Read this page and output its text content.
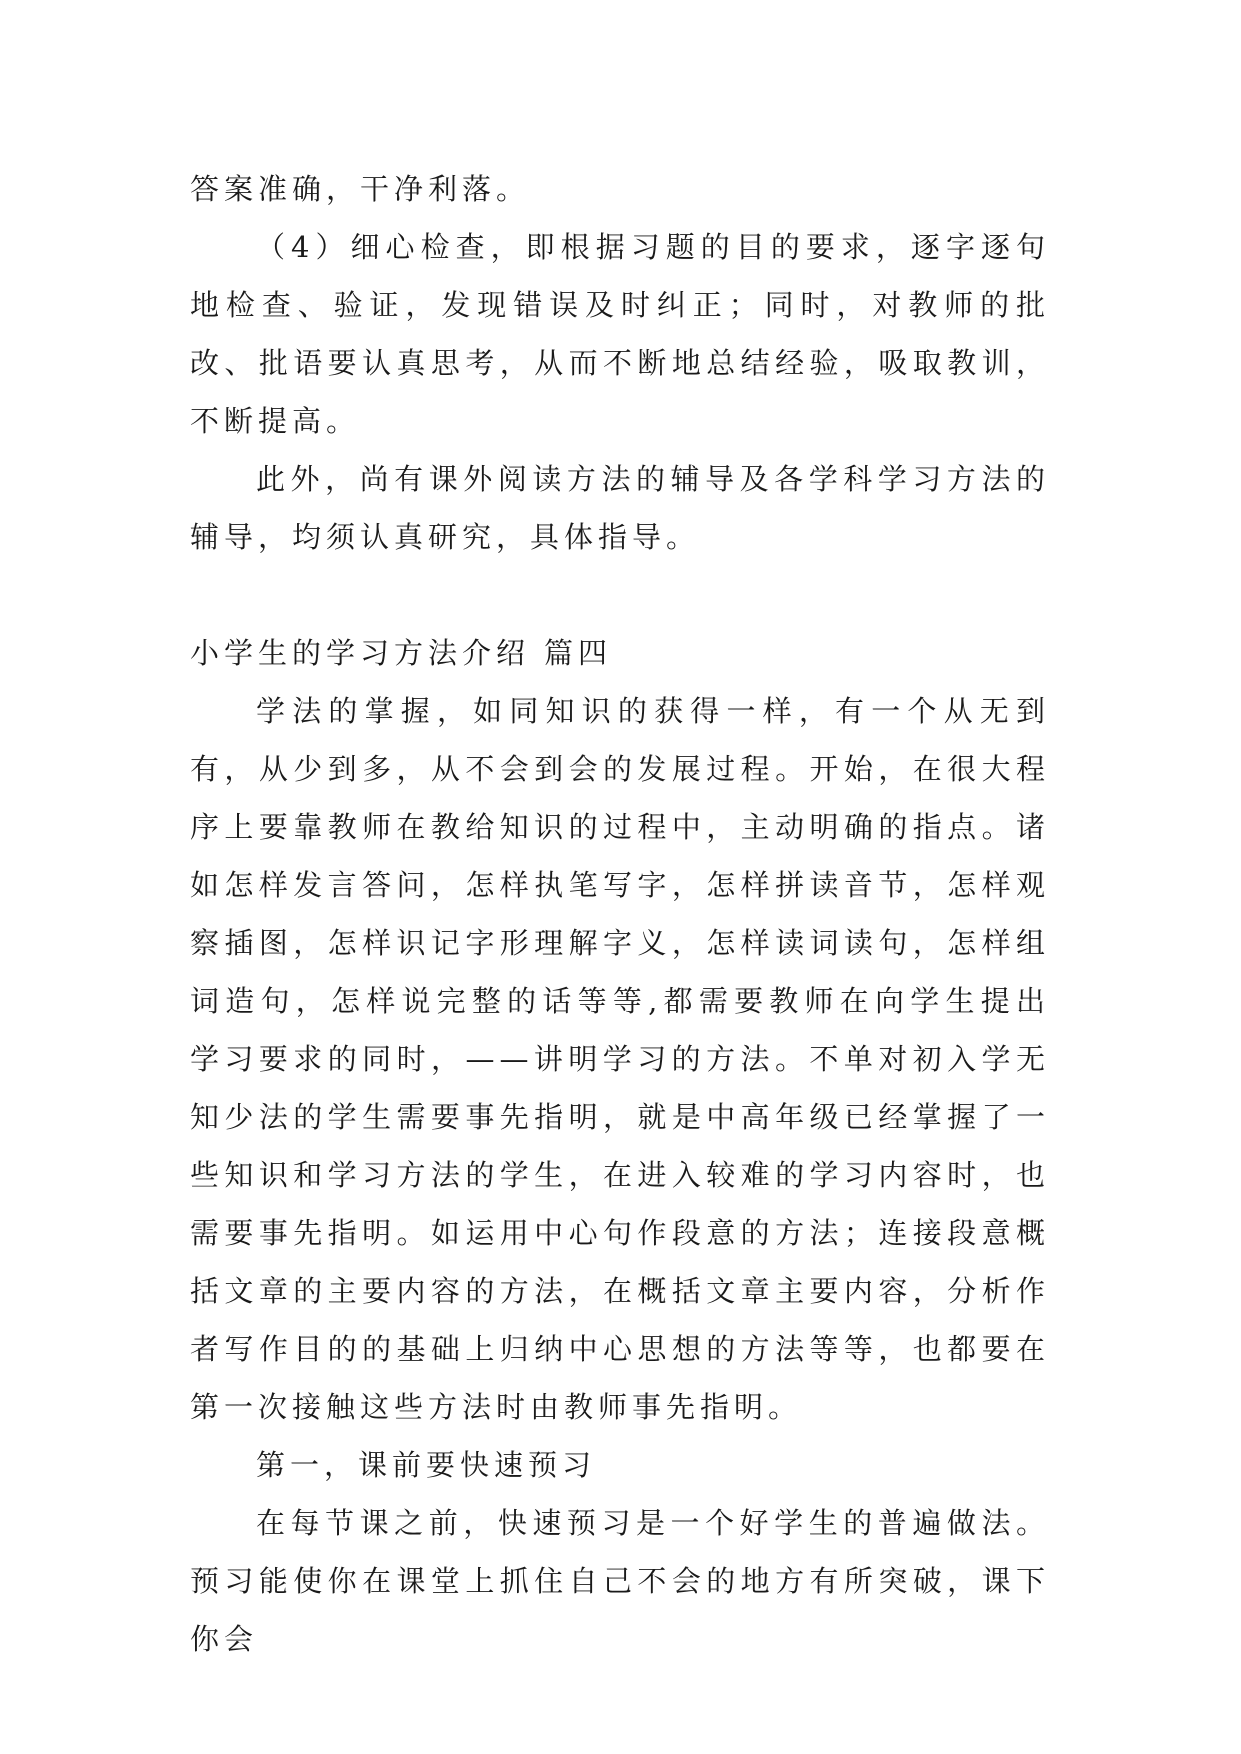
答案准确，干净利落。

（4）细心检查，即根据习题的目的要求，逐字逐句地检查、验证，发现错误及时纠正；同时，对教师的批改、批语要认真思考，从而不断地总结经验，吸取教训，不断提高。

此外，尚有课外阅读方法的辅导及各学科学习方法的辅导，均须认真研究，具体指导。

小学生的学习方法介绍 篇四

学法的掌握，如同知识的获得一样，有一个从无到有，从少到多，从不会到会的发展过程。开始，在很大程序上要靠教师在教给知识的过程中，主动明确的指点。诸如怎样发言答问，怎样执笔写字，怎样拼读音节，怎样观察插图，怎样识记字形理解字义，怎样读词读句，怎样组词造句，怎样说完整的话等等,都需要教师在向学生提出学习要求的同时，——讲明学习的方法。不单对初入学无知少法的学生需要事先指明，就是中高年级已经掌握了一些知识和学习方法的学生，在进入较难的学习内容时，也需要事先指明。如运用中心句作段意的方法；连接段意概括文章的主要内容的方法，在概括文章主要内容，分析作者写作目的的基础上归纳中心思想的方法等等，也都要在第一次接触这些方法时由教师事先指明。

第一，课前要快速预习

在每节课之前，快速预习是一个好学生的普遍做法。预习能使你在课堂上抓住自己不会的地方有所突破，课下你会
